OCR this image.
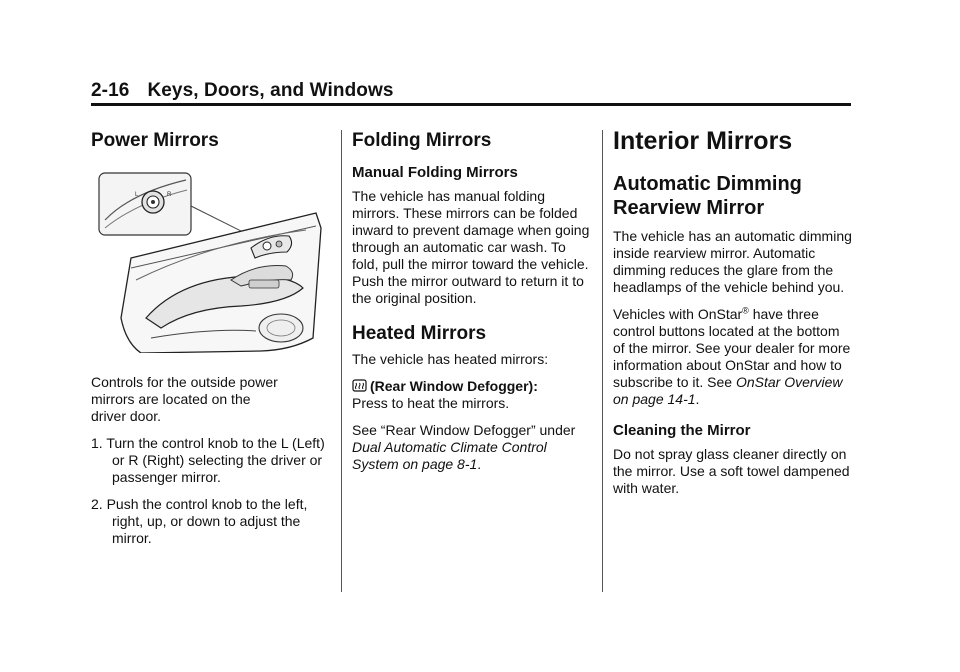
2-16 Keys, Doors, and Windows
Power Mirrors
L	R

Controls for the outside power
mirrors are located on the
driver door.

1. Turn the control knob to the L (Left) or R (Right) selecting the driver or passenger mirror.
2. Push the control knob to the left, right, up, or down to adjust the mirror.
Folding Mirrors
Manual Folding Mirrors

The vehicle has manual folding mirrors. These mirrors can be folded inward to prevent damage when going through an automatic car wash. To fold, pull the mirror toward the vehicle. Push the mirror outward to return it to the original position.

Heated Mirrors

The vehicle has heated mirrors:

(Rear Window Defogger):
Press to heat the mirrors.

See “Rear Window Defogger” under Dual Automatic Climate Control System on page 8-1.

Interior Mirrors
Automatic Dimming Rearview Mirror

The vehicle has an automatic dimming inside rearview mirror. Automatic dimming reduces the glare from the headlamps of the vehicle behind you.

Vehicles with OnStar® have three control buttons located at the bottom of the mirror. See your dealer for more information about OnStar and how to subscribe to it. See OnStar Overview on page 14-1.

Cleaning the Mirror

Do not spray glass cleaner directly on the mirror. Use a soft towel dampened with water.
